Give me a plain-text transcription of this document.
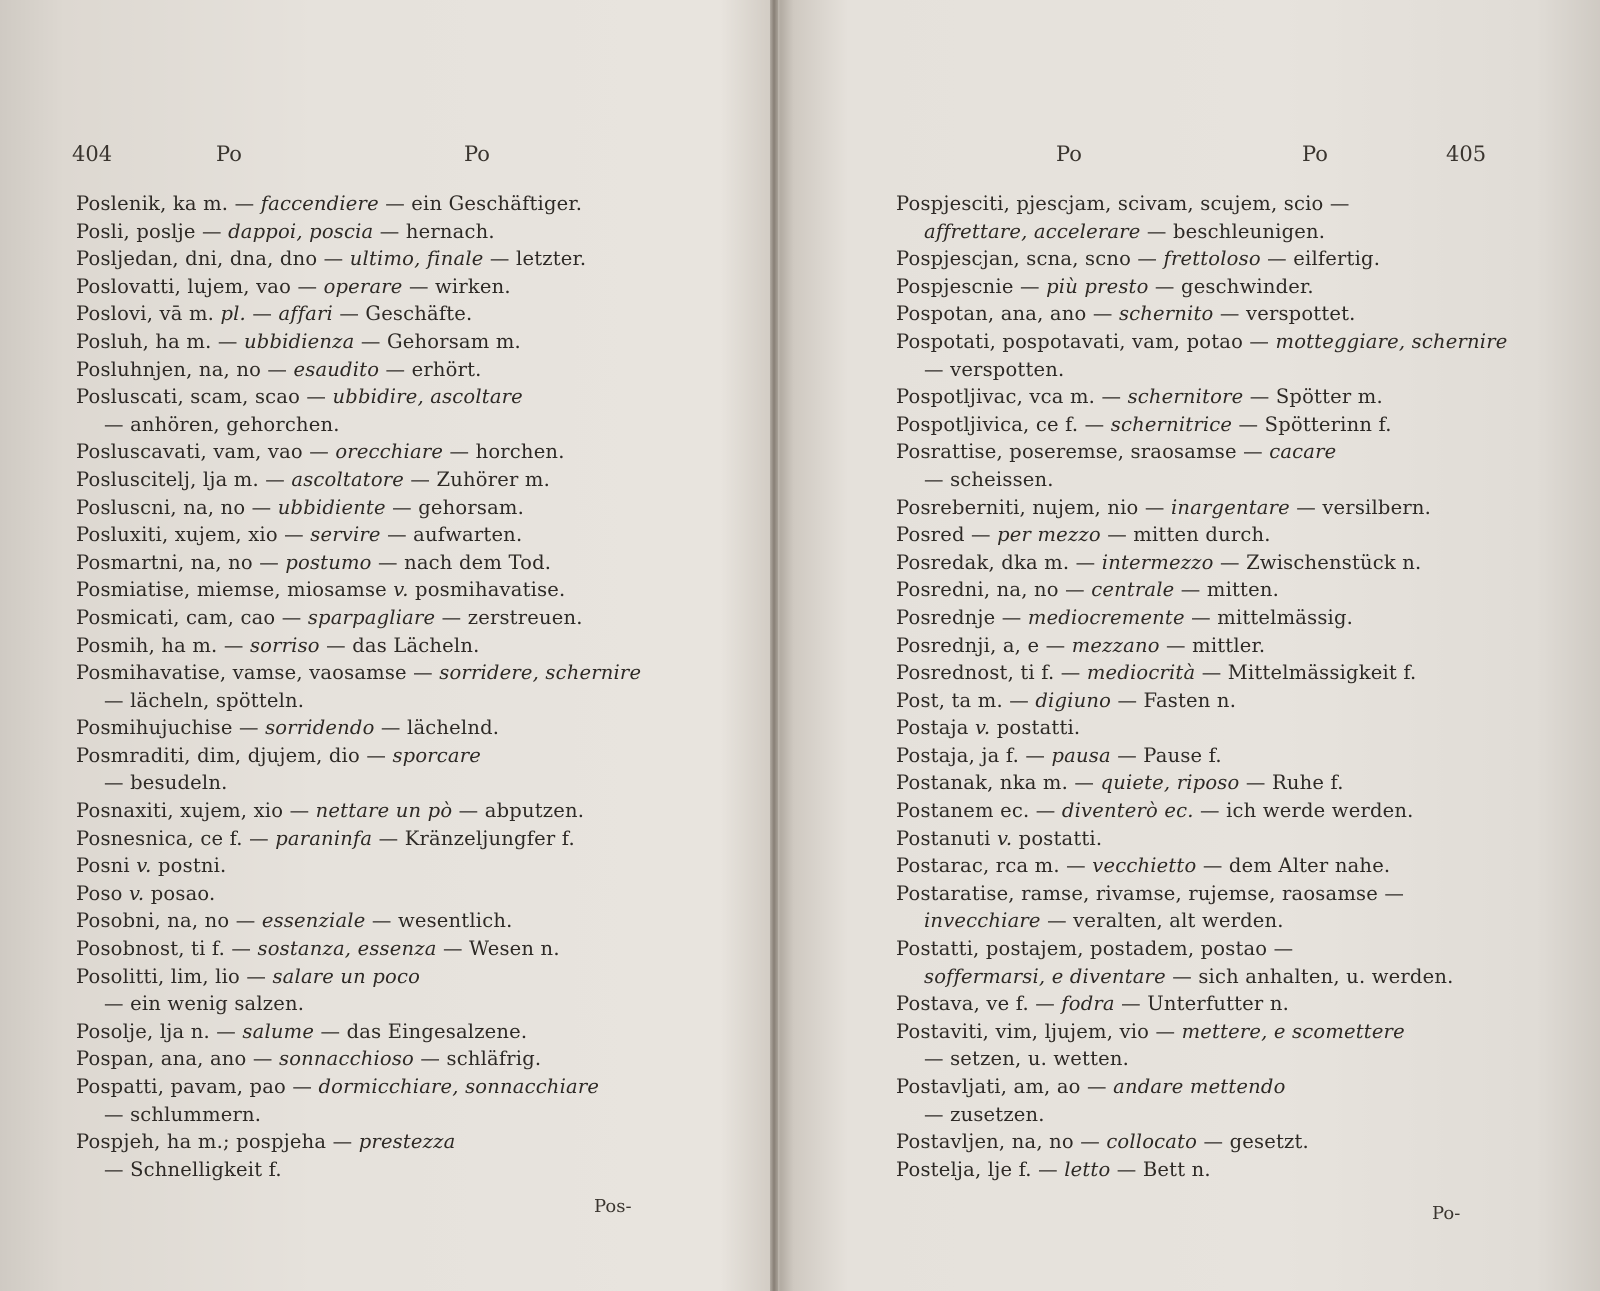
404	Po	Po
Poslenik, ka m. — faccendiere — ein Geschäftiger.
Posli, poslje — dappoi, poscia — hernach.
Posljedan, dni, dna, dno — ultimo, finale — letzter.
Poslovatti, lujem, vao — operare — wirken.
Poslovi, vā m. pl. — affari — Geschäfte.
Posluh, ha m. — ubbidienza — Gehorsam m.
Posluhnjen, na, no — esaudito — erhört.
Posluscati, scam, scao — ubbidire, ascoltare
— anhören, gehorchen.
Posluscavati, vam, vao — orecchiare — horchen.
Posluscitelj, lja m. — ascoltatore — Zuhörer m.
Posluscni, na, no — ubbidiente — gehorsam.
Posluxiti, xujem, xio — servire — aufwarten.
Posmartni, na, no — postumo — nach dem Tod.
Posmiatise, miemse, miosamse v. posmihavatise.
Posmicati, cam, cao — sparpagliare — zerstreuen.
Posmih, ha m. — sorriso — das Lächeln.
Posmihavatise, vamse, vaosamse — sorridere, schernire
— lächeln, spötteln.
Posmihujuchise — sorridendo — lächelnd.
Posmraditi, dim, djujem, dio — sporcare
— besudeln.
Posnaxiti, xujem, xio — nettare un pò — abputzen.
Posnesnica, ce f. — paraninfa — Kränzeljungfer f.
Posni v. postni.
Poso v. posao.
Posobni, na, no — essenziale — wesentlich.
Posobnost, ti f. — sostanza, essenza — Wesen n.
Posolitti, lim, lio — salare un poco
— ein wenig salzen.
Posolje, lja n. — salume — das Eingesalzene.
Pospan, ana, ano — sonnacchioso — schläfrig.
Pospatti, pavam, pao — dormicchiare, sonnacchiare
— schlummern.
Pospjeh, ha m.; pospjeha — prestezza
— Schnelligkeit f.
Pos-
Po	Po	405
Pospjesciti, pjescjam, scivam, scujem, scio —
affrettare, accelerare — beschleunigen.
Pospjescjan, scna, scno — frettoloso — eilfertig.
Pospjescnie — più presto — geschwinder.
Pospotan, ana, ano — schernito — verspottet.
Pospotati, pospotavati, vam, potao — motteggiare, schernire
— verspotten.
Pospotljivac, vca m. — schernitore — Spötter m.
Pospotljivica, ce f. — schernitrice — Spötterinn f.
Posrattise, poseremse, sraosamse — cacare
— scheissen.
Posreberniti, nujem, nio — inargentare — versilbern.
Posred — per mezzo — mitten durch.
Posredak, dka m. — intermezzo — Zwischenstück n.
Posredni, na, no — centrale — mitten.
Posrednje — mediocremente — mittelmässig.
Posrednji, a, e — mezzano — mittler.
Posrednost, ti f. — mediocrità — Mittelmässigkeit f.
Post, ta m. — digiuno — Fasten n.
Postaja v. postatti.
Postaja, ja f. — pausa — Pause f.
Postanak, nka m. — quiete, riposo — Ruhe f.
Postanem ec. — diventerò ec. — ich werde werden.
Postanuti v. postatti.
Postarac, rca m. — vecchietto — dem Alter nahe.
Postaratise, ramse, rivamse, rujemse, raosamse —
invecchiare — veralten, alt werden.
Postatti, postajem, postadem, postao —
soffermarsi, e diventare — sich anhalten, u. werden.
Postava, ve f. — fodra — Unterfutter n.
Postaviti, vim, ljujem, vio — mettere, e scomettere
— setzen, u. wetten.
Postavljati, am, ao — andare mettendo
— zusetzen.
Postavljen, na, no — collocato — gesetzt.
Postelja, lje f. — letto — Bett n.
Po-
